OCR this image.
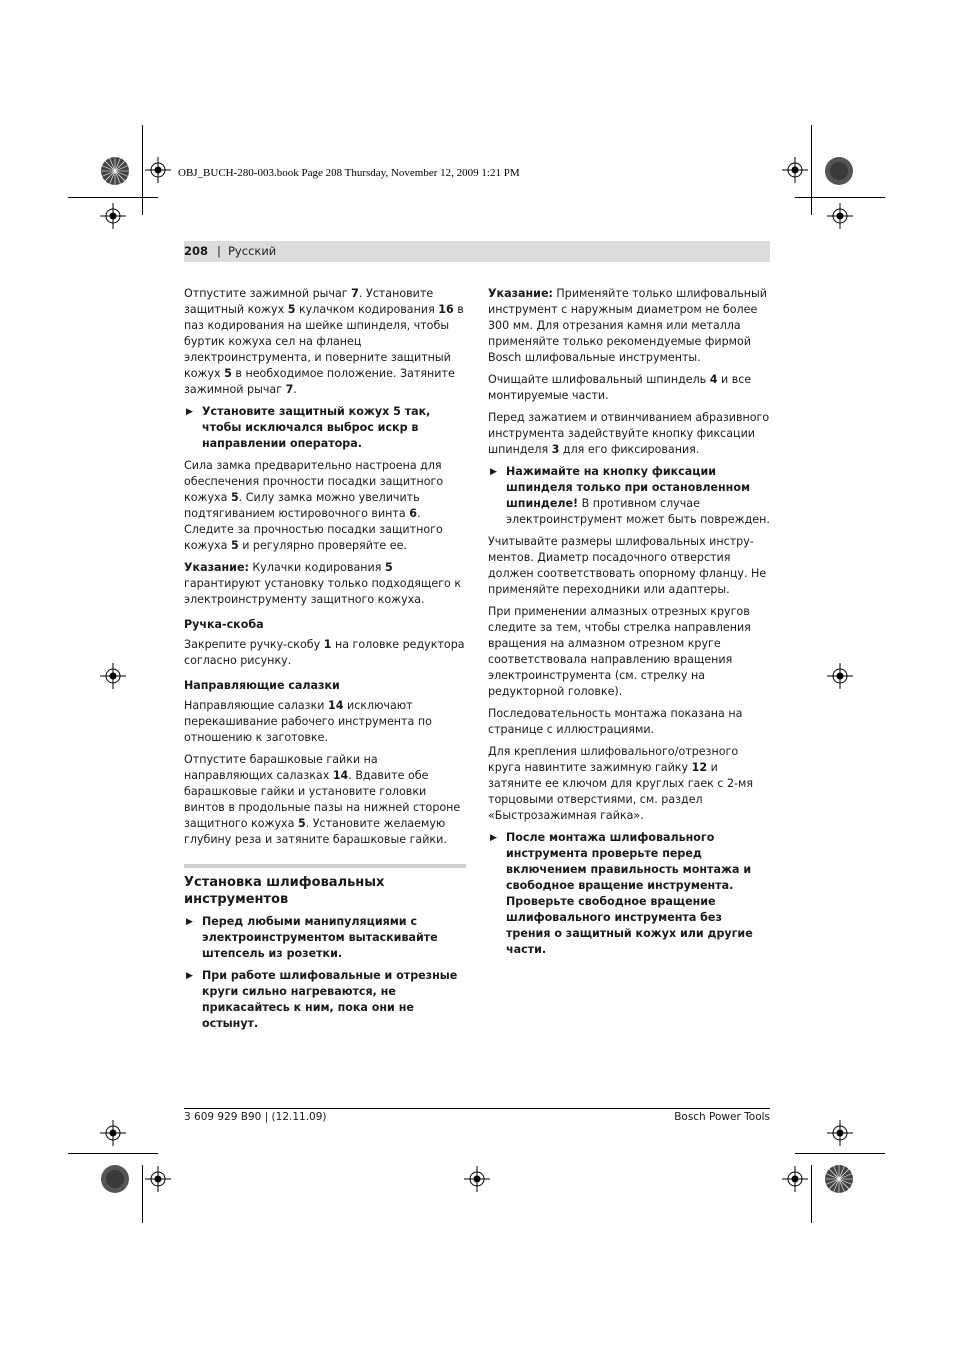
OBJ_BUCH-280-003.book Page 208 Thursday, November 12, 2009 1:21 PM
208 | Русский

Отпустите зажимной рычаг 7. Установите защитный кожух 5 кулачком кодирования 16 в паз кодирования на шейке шпинделя, чтобы буртик кожуха сел на фланец электроинструмента, и поверните защитный кожух 5 в необходимое положение. Затяните зажимной рычаг 7.

▶ Установите защитный кожух 5 так, чтобы исключался выброс искр в направлении оператора.

Сила замка предварительно настроена для обеспечения прочности посадки защитного кожуха 5. Силу замка можно увеличить подтягиванием юстировочного винта 6. Следите за прочностью посадки защитного кожуха 5 и регулярно проверяйте ее.

Указание: Кулачки кодирования 5 гарантируют установку только подходящего к электроинструменту защитного кожуха.

Ручка-скоба

Закрепите ручку-скобу 1 на головке редуктора согласно рисунку.

Направляющие салазки

Направляющие салазки 14 исключают перекашивание рабочего инструмента по отношению к заготовке.

Отпустите барашковые гайки на направляющих салазках 14. Вдавите обе барашковые гайки и установите головки винтов в продольные пазы на нижней стороне защитного кожуха 5. Установите желаемую глубину реза и затяните барашковые гайки.

Установка шлифовальных инструментов
▶ Перед любыми манипуляциями с электроинструментом вытаскивайте штепсель из розетки.
▶ При работе шлифовальные и отрезные круги сильно нагреваются, не прикасайтесь к ним, пока они не остынут.

Указание: Применяйте только шлифовальный инструмент с наружным диаметром не более 300 мм. Для отрезания камня или металла применяйте только рекомендуемые фирмой Bosch шлифовальные инструменты.

Очищайте шлифовальный шпиндель 4 и все монтируемые части.

Перед зажатием и отвинчиванием абразивного инструмента задействуйте кнопку фиксации шпинделя 3 для его фиксирования.

▶ Нажимайте на кнопку фиксации шпинделя только при остановленном шпинделе! В противном случае электроинструмент может быть поврежден.

Учитывайте размеры шлифовальных инстру-ментов. Диаметр посадочного отверстия должен соответствовать опорному фланцу. Не применяйте переходники или адаптеры.

При применении алмазных отрезных кругов следите за тем, чтобы стрелка направления вращения на алмазном отрезном круге соответствовала направлению вращения электроинструмента (см. стрелку на редукторной головке).

Последовательность монтажа показана на странице с иллюстрациями.

Для крепления шлифовального/отрезного круга навинтите зажимную гайку 12 и затяните ее ключом для круглых гаек с 2-мя торцовыми отверстиями, см. раздел «Быстрозажимная гайка».

▶ После монтажа шлифовального инструмента проверьте перед включением правильность монтажа и свободное вращение инструмента. Проверьте свободное вращение шлифовального инструмента без трения о защитный кожух или другие части.
3 609 929 B90 | (12.11.09)	Bosch Power Tools
